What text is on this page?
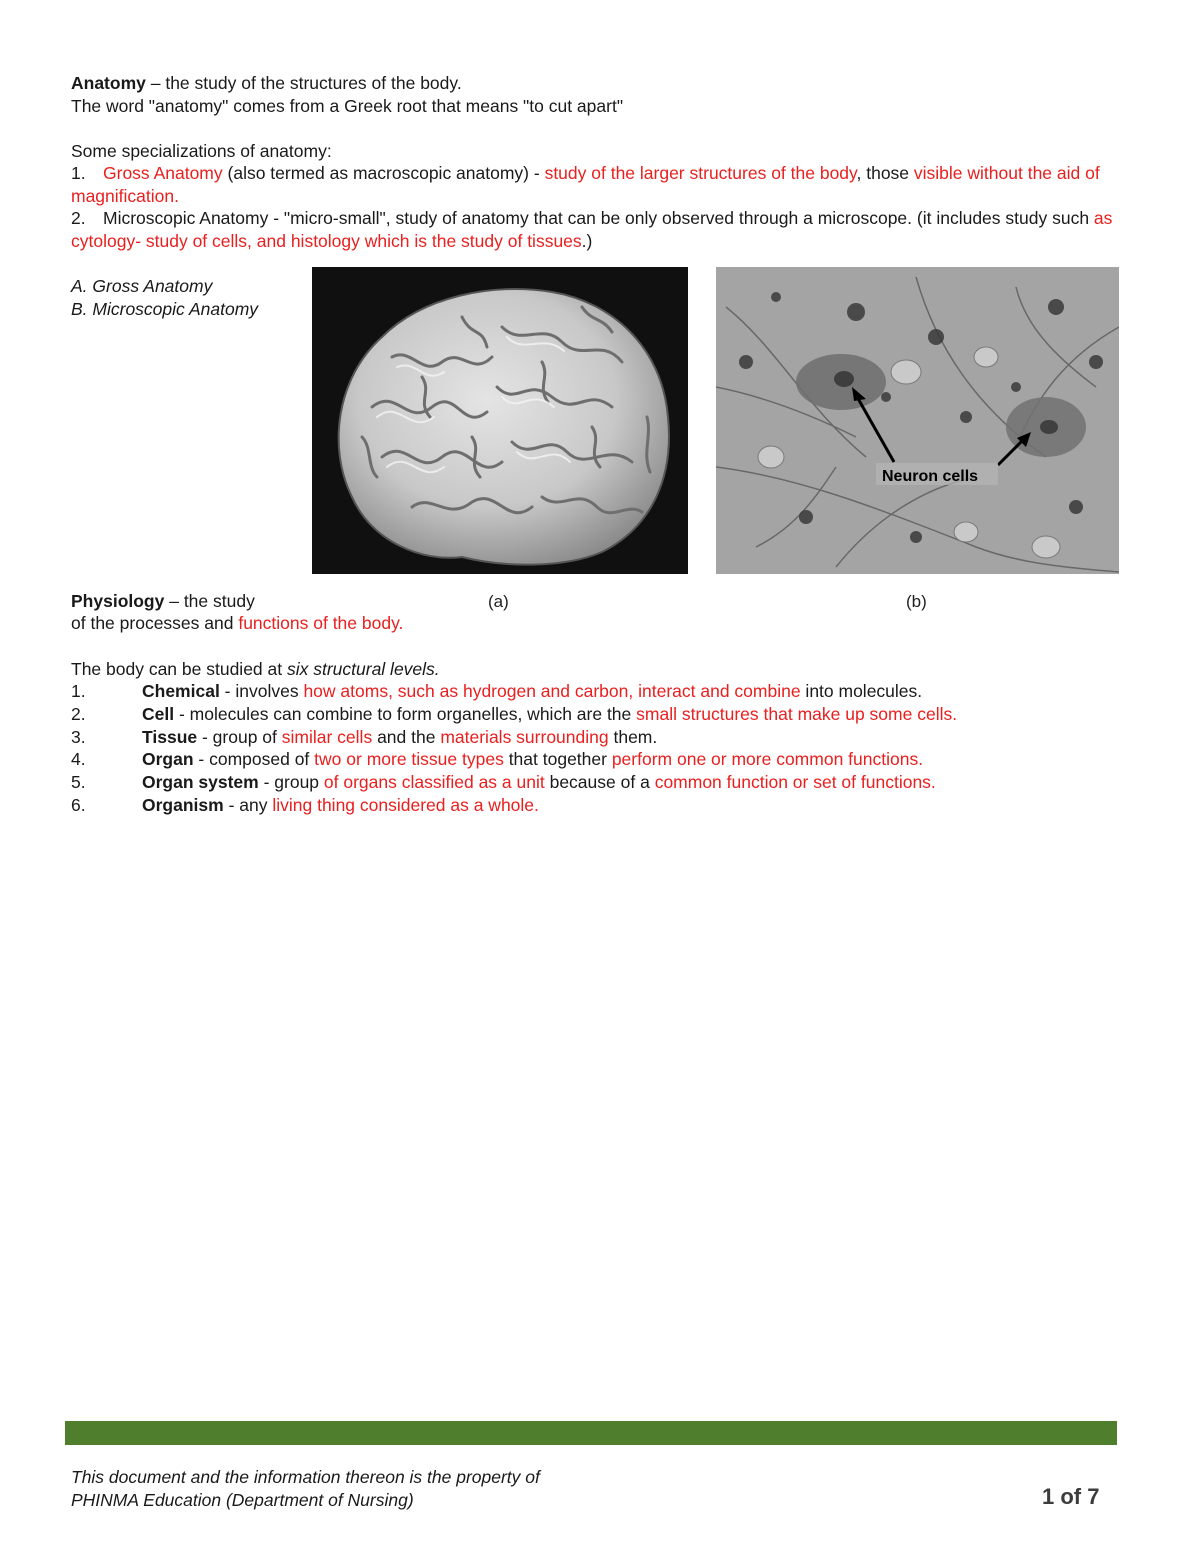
Anatomy – the study of the structures of the body.
The word "anatomy" comes from a Greek root that means "to cut apart"
Some specializations of anatomy:
1. Gross Anatomy (also termed as macroscopic anatomy) - study of the larger structures of the body, those visible without the aid of magnification.
2. Microscopic Anatomy - "micro-small", study of anatomy that can be only observed through a microscope. (it includes study such as cytology- study of cells, and histology which is the study of tissues.)
A. Gross Anatomy
B. Microscopic Anatomy
(a)
Neuron cells
(b)
Physiology – the study
of the processes and functions of the body.
The body can be studied at six structural levels.
1.	Chemical - involves how atoms, such as hydrogen and carbon, interact and combine into molecules.
2.	Cell - molecules can combine to form organelles, which are the small structures that make up some cells.
3.	Tissue - group of similar cells and the materials surrounding them.
4.	Organ - composed of two or more tissue types that together perform one or more common functions.
5.	Organ system - group of organs classified as a unit because of a common function or set of functions.
6.	Organism - any living thing considered as a whole.
This document and the information thereon is the property of
PHINMA Education (Department of Nursing)	1 of 7
